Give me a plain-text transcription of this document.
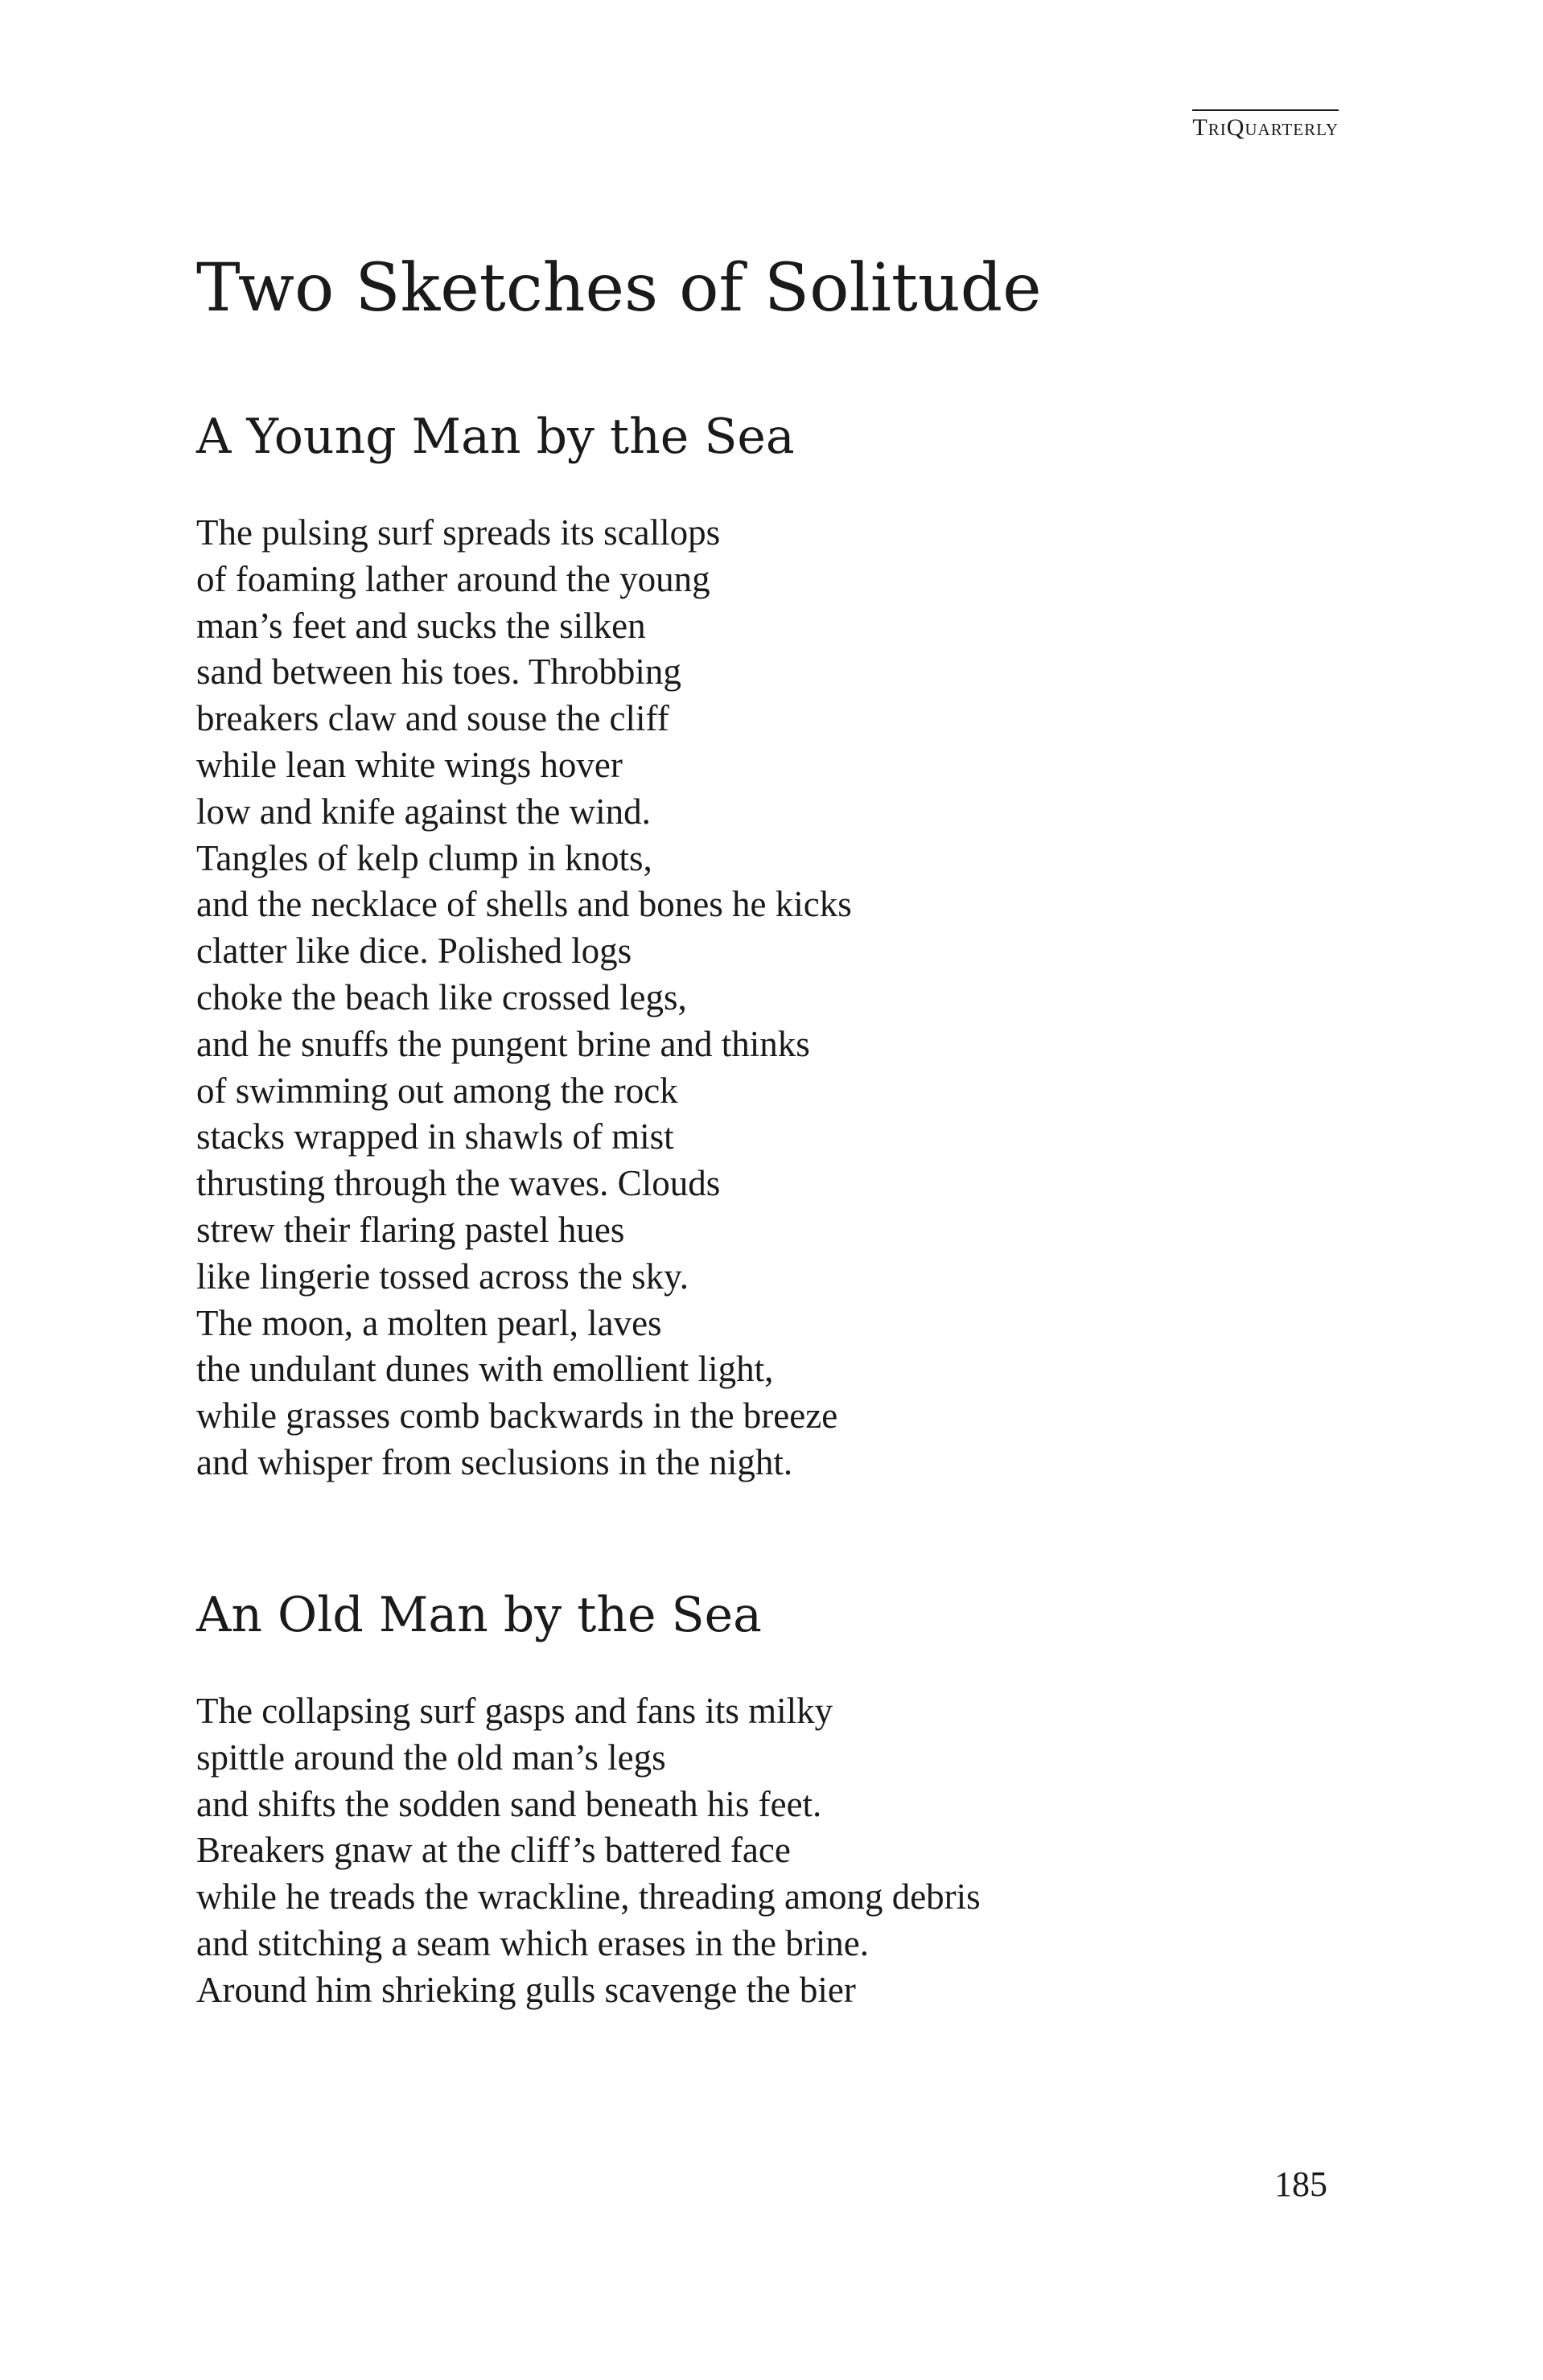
TriQuarterly
Two Sketches of Solitude
A Young Man by the Sea
The pulsing surf spreads its scallops
of foaming lather around the young
man’s feet and sucks the silken
sand between his toes. Throbbing
breakers claw and souse the cliff
while lean white wings hover
low and knife against the wind.
Tangles of kelp clump in knots,
and the necklace of shells and bones he kicks
clatter like dice. Polished logs
choke the beach like crossed legs,
and he snuffs the pungent brine and thinks
of swimming out among the rock
stacks wrapped in shawls of mist
thrusting through the waves. Clouds
strew their flaring pastel hues
like lingerie tossed across the sky.
The moon, a molten pearl, laves
the undulant dunes with emollient light,
while grasses comb backwards in the breeze
and whisper from seclusions in the night.
An Old Man by the Sea
The collapsing surf gasps and fans its milky
spittle around the old man’s legs
and shifts the sodden sand beneath his feet.
Breakers gnaw at the cliff’s battered face
while he treads the wrackline, threading among debris
and stitching a seam which erases in the brine.
Around him shrieking gulls scavenge the bier
185
